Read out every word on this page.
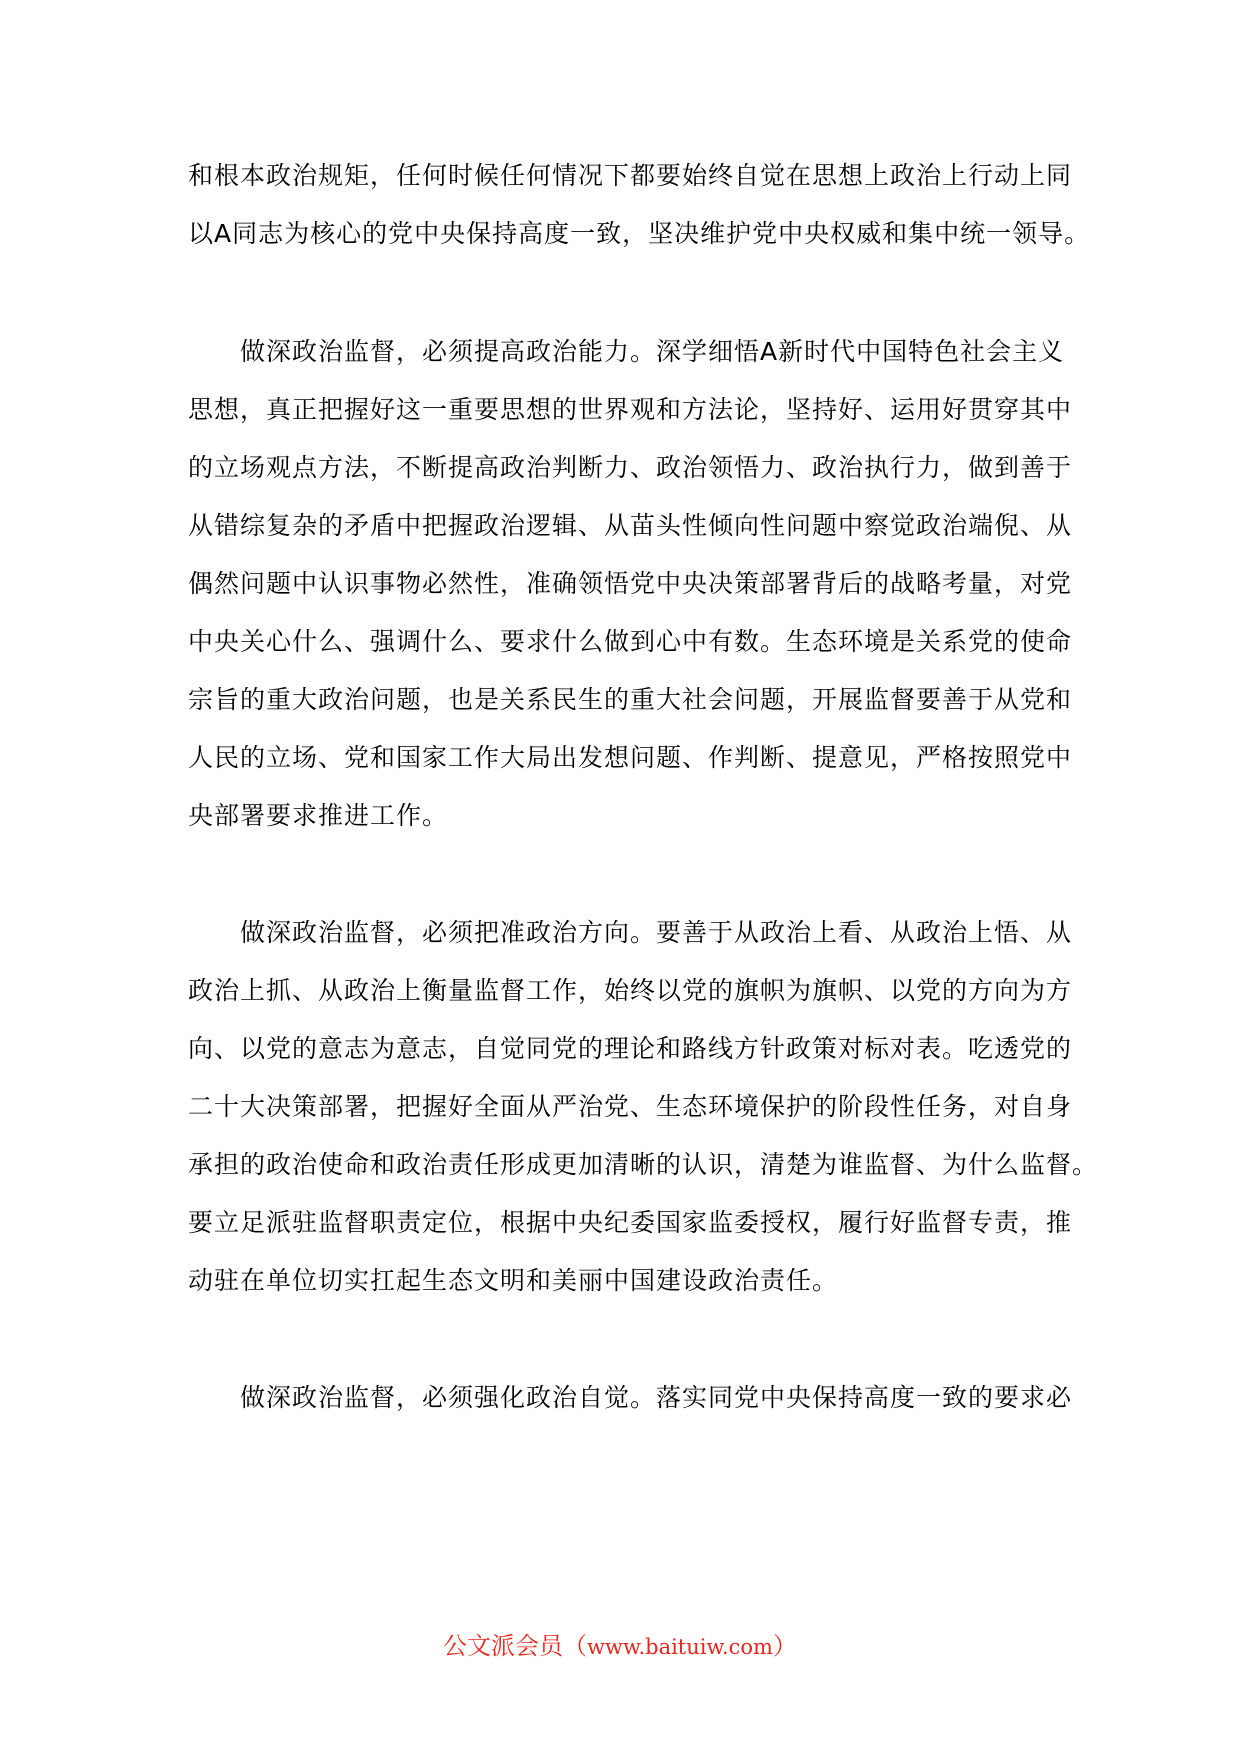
和根本政治规矩，任何时候任何情况下都要始终自觉在思想上政治上行动上同
以A同志为核心的党中央保持高度一致，坚决维护党中央权威和集中统一领导。
　　做深政治监督，必须提高政治能力。深学细悟A新时代中国特色社会主义
思想，真正把握好这一重要思想的世界观和方法论，坚持好、运用好贯穿其中
的立场观点方法，不断提高政治判断力、政治领悟力、政治执行力，做到善于
从错综复杂的矛盾中把握政治逻辑、从苗头性倾向性问题中察觉政治端倪、从
偶然问题中认识事物必然性，准确领悟党中央决策部署背后的战略考量，对党
中央关心什么、强调什么、要求什么做到心中有数。生态环境是关系党的使命
宗旨的重大政治问题，也是关系民生的重大社会问题，开展监督要善于从党和
人民的立场、党和国家工作大局出发想问题、作判断、提意见，严格按照党中
央部署要求推进工作。
　　做深政治监督，必须把准政治方向。要善于从政治上看、从政治上悟、从
政治上抓、从政治上衡量监督工作，始终以党的旗帜为旗帜、以党的方向为方
向、以党的意志为意志，自觉同党的理论和路线方针政策对标对表。吃透党的
二十大决策部署，把握好全面从严治党、生态环境保护的阶段性任务，对自身
承担的政治使命和政治责任形成更加清晰的认识，清楚为谁监督、为什么监督。
要立足派驻监督职责定位，根据中央纪委国家监委授权，履行好监督专责，推
动驻在单位切实扛起生态文明和美丽中国建设政治责任。
　　做深政治监督，必须强化政治自觉。落实同党中央保持高度一致的要求必
公文派会员（www.baituiw.com）
